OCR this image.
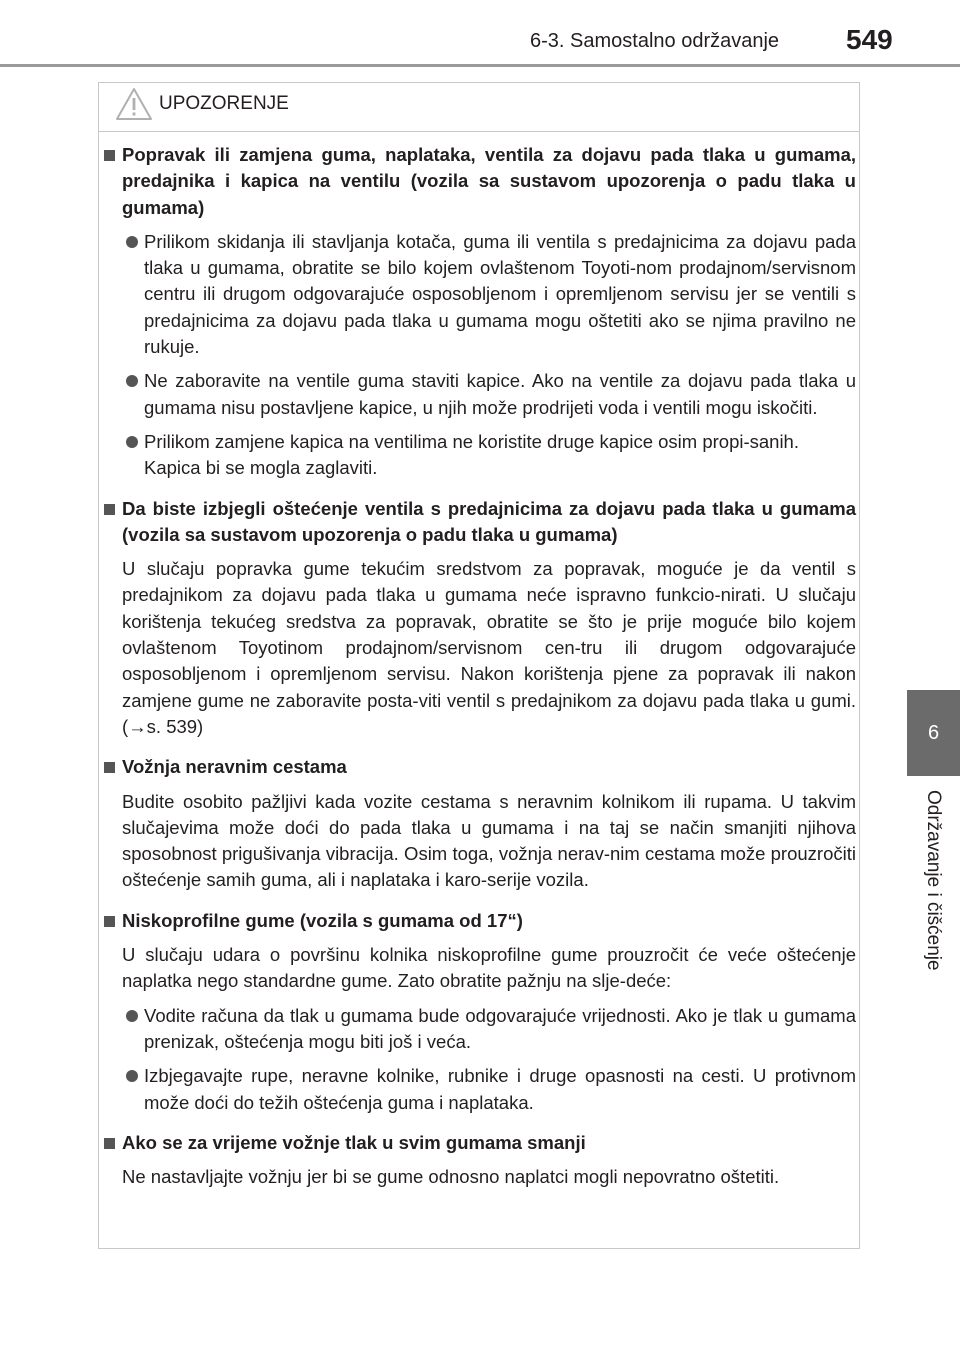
6-3. Samostalno održavanje 549
6
Održavanje i čišćenje
UPOZORENJE
Popravak ili zamjena guma, naplataka, ventila za dojavu pada tlaka u gumama, predajnika i kapica na ventilu (vozila sa sustavom upozorenja o padu tlaka u gumama)
Prilikom skidanja ili stavljanja kotača, guma ili ventila s predajnicima za dojavu pada tlaka u gumama, obratite se bilo kojem ovlaštenom Toyoti-nom prodajnom/servisnom centru ili drugom odgovarajuće osposobljenom i opremljenom servisu jer se ventili s predajnicima za dojavu pada tlaka u gumama mogu oštetiti ako se njima pravilno ne rukuje.
Ne zaboravite na ventile guma staviti kapice. Ako na ventile za dojavu pada tlaka u gumama nisu postavljene kapice, u njih može prodrijeti voda i ventili mogu iskočiti.
Prilikom zamjene kapica na ventilima ne koristite druge kapice osim propi-sanih.
Kapica bi se mogla zaglaviti.
Da biste izbjegli oštećenje ventila s predajnicima za dojavu pada tlaka u gumama (vozila sa sustavom upozorenja o padu tlaka u gumama)
U slučaju popravka gume tekućim sredstvom za popravak, moguće je da ventil s predajnikom za dojavu pada tlaka u gumama neće ispravno funkcio-nirati. U slučaju korištenja tekućeg sredstva za popravak, obratite se što je prije moguće bilo kojem ovlaštenom Toyotinom prodajnom/servisnom cen-tru ili drugom odgovarajuće osposobljenom i opremljenom servisu. Nakon korištenja pjene za popravak ili nakon zamjene gume ne zaboravite posta-viti ventil s predajnikom za dojavu pada tlaka u gumi. (→s. 539)
Vožnja neravnim cestama
Budite osobito pažljivi kada vozite cestama s neravnim kolnikom ili rupama. U takvim slučajevima može doći do pada tlaka u gumama i na taj se način smanjiti njihova sposobnost prigušivanja vibracija. Osim toga, vožnja nerav-nim cestama može prouzročiti oštećenje samih guma, ali i naplataka i karo-serije vozila.
Niskoprofilne gume (vozila s gumama od 17“)
U slučaju udara o površinu kolnika niskoprofilne gume prouzročit će veće oštećenje naplatka nego standardne gume. Zato obratite pažnju na slje-deće:
Vodite računa da tlak u gumama bude odgovarajuće vrijednosti. Ako je tlak u gumama prenizak, oštećenja mogu biti još i veća.
Izbjegavajte rupe, neravne kolnike, rubnike i druge opasnosti na cesti. U protivnom može doći do težih oštećenja guma i naplataka.
Ako se za vrijeme vožnje tlak u svim gumama smanji
Ne nastavljajte vožnju jer bi se gume odnosno naplatci mogli nepovratno oštetiti.
